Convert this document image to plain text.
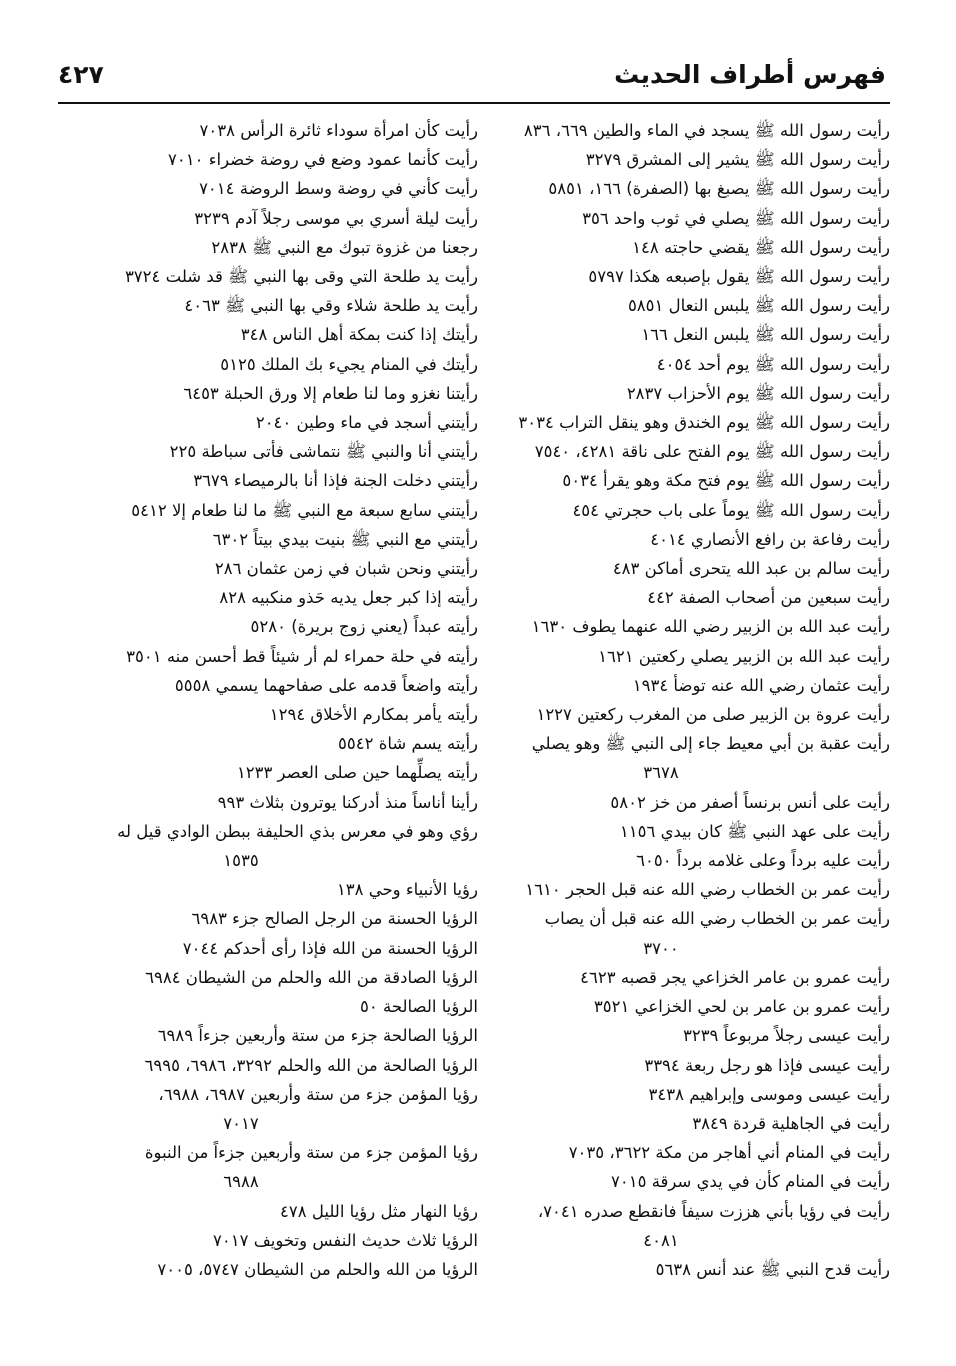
فهرس أطراف الحديث
٤٢٧
رأيت رسول الله ﷺ يسجد في الماء والطين ٦٦٩، ٨٣٦
رأيت رسول الله ﷺ يشير إلى المشرق ٣٢٧٩
رأيت رسول الله ﷺ يصبغ بها (الصفرة) ١٦٦، ٥٨٥١
رأيت رسول الله ﷺ يصلي في ثوب واحد ٣٥٦
رأيت رسول الله ﷺ يقضي حاجته ١٤٨
رأيت رسول الله ﷺ يقول بإصبعه هكذا ٥٧٩٧
رأيت رسول الله ﷺ يلبس النعال ٥٨٥١
رأيت رسول الله ﷺ يلبس النعل ١٦٦
رأيت رسول الله ﷺ يوم أحد ٤٠٥٤
رأيت رسول الله ﷺ يوم الأحزاب ٢٨٣٧
رأيت رسول الله ﷺ يوم الخندق وهو ينقل التراب ٣٠٣٤
رأيت رسول الله ﷺ يوم الفتح على ناقة ٤٢٨١، ٧٥٤٠
رأيت رسول الله ﷺ يوم فتح مكة وهو يقرأ ٥٠٣٤
رأيت رسول الله ﷺ يوماً على باب حجرتي ٤٥٤
رأيت رفاعة بن رافع الأنصاري ٤٠١٤
رأيت سالم بن عبد الله يتحرى أماكن ٤٨٣
رأيت سبعين من أصحاب الصفة ٤٤٢
رأيت عبد الله بن الزبير رضي الله عنهما يطوف ١٦٣٠
رأيت عبد الله بن الزبير يصلي ركعتين ١٦٢١
رأيت عثمان رضي الله عنه توضأ ١٩٣٤
رأيت عروة بن الزبير صلى من المغرب ركعتين ١٢٢٧
رأيت عقبة بن أبي معيط جاء إلى النبي ﷺ وهو يصلي
٣٦٧٨
رأيت على أنس برنساً أصفر من خز ٥٨٠٢
رأيت على عهد النبي ﷺ كان بيدي ١١٥٦
رأيت عليه برداً وعلى غلامه برداً ٦٠٥٠
رأيت عمر بن الخطاب رضي الله عنه قبل الحجر ١٦١٠
رأيت عمر بن الخطاب رضي الله عنه قبل أن يصاب
٣٧٠٠
رأيت عمرو بن عامر الخزاعي يجر قصبه ٤٦٢٣
رأيت عمرو بن عامر بن لحي الخزاعي ٣٥٢١
رأيت عيسى رجلاً مربوعاً ٣٢٣٩
رأيت عيسى فإذا هو رجل ربعة ٣٣٩٤
رأيت عيسى وموسى وإبراهيم ٣٤٣٨
رأيت في الجاهلية قردة ٣٨٤٩
رأيت في المنام أني أهاجر من مكة ٣٦٢٢، ٧٠٣٥
رأيت في المنام كأن في يدي سرقة ٧٠١٥
رأيت في رؤيا بأني هززت سيفاً فانقطع صدره ٧٠٤١،
٤٠٨١
رأيت قدح النبي ﷺ عند أنس ٥٦٣٨
رأيت كأن امرأة سوداء ثائرة الرأس ٧٠٣٨
رأيت كأنما عمود وضع في روضة خضراء ٧٠١٠
رأيت كأني في روضة وسط الروضة ٧٠١٤
رأيت ليلة أسري بي موسى رجلاً آدم ٣٢٣٩
رجعنا من غزوة تبوك مع النبي ﷺ ٢٨٣٨
رأيت يد طلحة التي وقى بها النبي ﷺ قد شلت ٣٧٢٤
رأيت يد طلحة شلاء وقي بها النبي ﷺ ٤٠٦٣
رأيتك إذا كنت بمكة أهل الناس ٣٤٨
رأيتك في المنام يجيء بك الملك ٥١٢٥
رأيتنا نغزو وما لنا طعام إلا ورق الحبلة ٦٤٥٣
رأيتني أسجد في ماء وطين ٢٠٤٠
رأيتني أنا والنبي ﷺ نتماشى فأتى سباطة ٢٢٥
رأيتني دخلت الجنة فإذا أنا بالرميصاء ٣٦٧٩
رأيتني سابع سبعة مع النبي ﷺ ما لنا طعام إلا ٥٤١٢
رأيتني مع النبي ﷺ بنيت بيدي بيتاً ٦٣٠٢
رأيتني ونحن شبان في زمن عثمان ٢٨٦
رأيته إذا كبر جعل يديه حَذو منكبيه ٨٢٨
رأيته عبداً (يعني زوج بريرة) ٥٢٨٠
رأيته في حلة حمراء لم أر شيئاً قط أحسن منه ٣٥٠١
رأيته واضعاً قدمه على صفاحهما يسمي ٥٥٥٨
رأيته يأمر بمكارم الأخلاق ١٢٩٤
رأيته يسم شاة ٥٥٤٢
رأيته يصلِّهما حين صلى العصر ١٢٣٣
رأينا أناساً منذ أدركنا يوترون بثلاث ٩٩٣
رؤي وهو في معرس بذي الحليفة ببطن الوادي قيل له
١٥٣٥
رؤيا الأنبياء وحي ١٣٨
الرؤيا الحسنة من الرجل الصالح جزء ٦٩٨٣
الرؤيا الحسنة من الله فإذا رأى أحدكم ٧٠٤٤
الرؤيا الصادقة من الله والحلم من الشيطان ٦٩٨٤
الرؤيا الصالحة ٥٠
الرؤيا الصالحة جزء من ستة وأربعين جزءاً ٦٩٨٩
الرؤيا الصالحة من الله والحلم ٣٢٩٢، ٦٩٨٦، ٦٩٩٥
رؤيا المؤمن جزء من ستة وأربعين ٦٩٨٧، ٦٩٨٨،
٧٠١٧
رؤيا المؤمن جزء من ستة وأربعين جزءاً من النبوة
٦٩٨٨
رؤيا النهار مثل رؤيا الليل ٤٧٨
الرؤيا ثلاث حديث النفس وتخويف ٧٠١٧
الرؤيا من الله والحلم من الشيطان ٥٧٤٧، ٧٠٠٥
